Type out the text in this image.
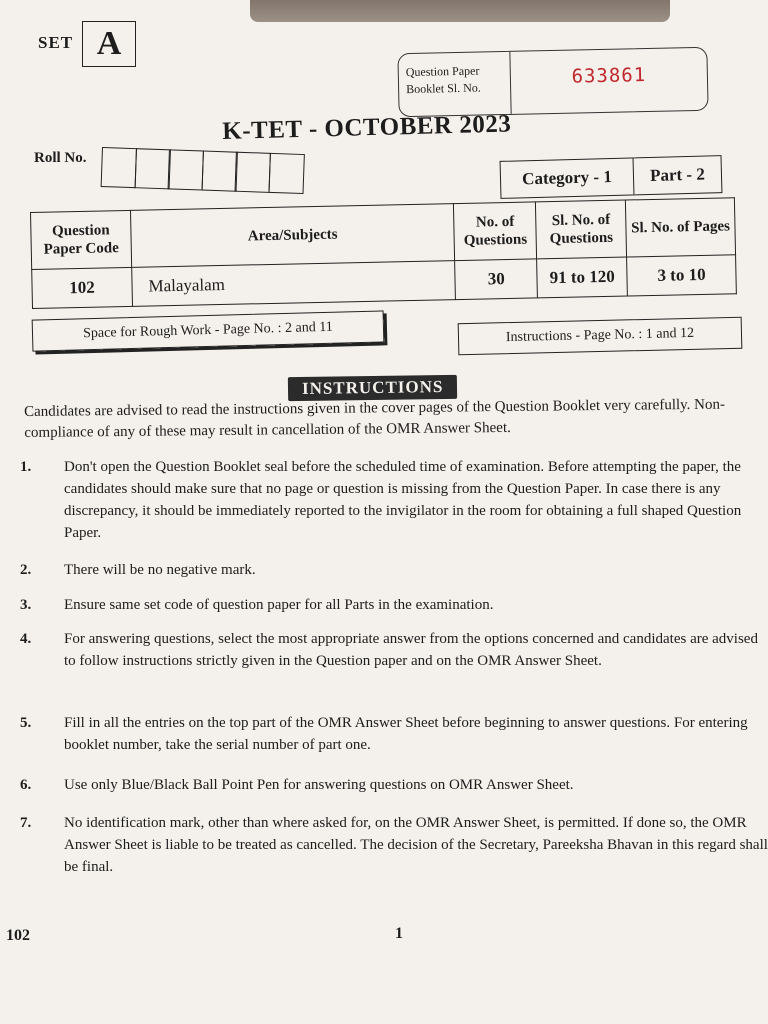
SET A
Question Paper
Booklet Sl. No.
633861
K-TET - OCTOBER 2023
Roll No.
Category - 1	Part - 2
Question Paper Code	Area/Subjects	No. of Questions	Sl. No. of Questions	Sl. No. of Pages
102	Malayalam	30	91 to 120	3 to 10
Space for Rough Work - Page No. : 2 and 11	Instructions - Page No. : 1 and 12
INSTRUCTIONS
Candidates are advised to read the instructions given in the cover pages of the Question Booklet very carefully. Non-compliance of any of these may result in cancellation of the OMR Answer Sheet.
1. Don't open the Question Booklet seal before the scheduled time of examination. Before attempting the paper, the candidates should make sure that no page or question is missing from the Question Paper. In case there is any discrepancy, it should be immediately reported to the invigilator in the room for obtaining a full shaped Question Paper.
2. There will be no negative mark.
3. Ensure same set code of question paper for all Parts in the examination.
4. For answering questions, select the most appropriate answer from the options concerned and candidates are advised to follow instructions strictly given in the Question paper and on the OMR Answer Sheet.
5. Fill in all the entries on the top part of the OMR Answer Sheet before beginning to answer questions. For entering booklet number, take the serial number of part one.
6. Use only Blue/Black Ball Point Pen for answering questions on OMR Answer Sheet.
7. No identification mark, other than where asked for, on the OMR Answer Sheet, is permitted. If done so, the OMR Answer Sheet is liable to be treated as cancelled. The decision of the Secretary, Pareeksha Bhavan in this regard shall be final.
102	1
